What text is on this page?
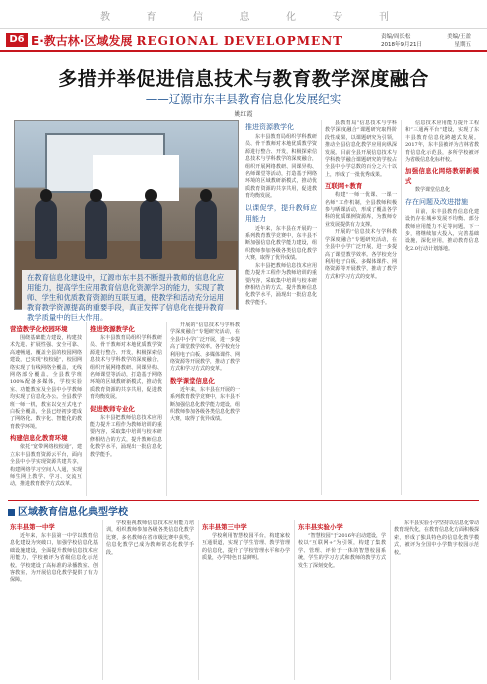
教	育	信	息	化	专	刊
D6 E·教古林·区域发展 REGIONAL DEVELOPMENT	责编/周长松	美编/王盈
2018年9月21日	星期五
多措并举促进信息技术与教育教学深度融合
——辽源市东丰县教育信息化发展纪实
姚红霞

在教育信息化建设中，辽源市东丰县不断提升教师的信息化应用能力，提高学生应用教育信息化资源学习的能力，实现了教师、学生和优质教育资源的互联互通，使教学和活动充分运用教育教学资源提高的重要手段，真正发挥了信息化在提升教育教学质量中的巨大作用。

推进资源教学化

东丰县教育局组织学科教研员、骨干教师对本地优质教学资源进行整合、开发，积极探索信息技术与学科教学的深度融合，组织开展网络教研、同课异构、名师课堂等活动，打造基于网络环境的区域教研新模式，推动优质教育资源的共享共用，促进教育均衡发展。

以课促学，提升教师应用能力

近年来，东丰县在开展的一系列教育教学竞赛中，东丰县不断加强信息化教学能力建设，组织教师参加各级各类信息化教学大赛，取得了优异成绩。

东丰县把教师信息技术应用能力提升工程作为教师培训的重要内容，采取集中培训与校本研修相结合的方式，提升教师信息化教学水平，涌现出一批信息化教学能手。

县教育局“信息技术与学科教学深度融合”课题研究取得阶段性成果，以课题研究为引领，推动全县信息化教学应用向纵深发展。目前全县开展信息技术与学科教学融合课题研究的学校占全县中小学总数的百分之六十以上，形成了一批优秀成果。

互联网+教育

构建“一师一优课、一课一名师”工作机制，全县教师积极参与晒课活动，形成了覆盖各学科的优质课例资源库，为教师专业发展提供有力支撑。

开展的“信息技术与学科教学深度融合”专题研究活动，在全县中小学广泛开展，进一步提高了课堂教学效率。各学校充分利用电子白板、多媒体课件、网络资源等开展教学，推动了教学方式和学习方式的变革。

信息技术应用能力提升工程和“三通两平台”建设，实现了东丰县教育信息化跨越式发展。2017年，东丰县被评为吉林省教育信息化示范县，多所学校被评为省级信息化标杆校。

加强信息化网络教研新模式

数学课堂信息化

存在问题及改进措施

目前，东丰县教育信息化建设仍存在城乡发展不均衡、部分教师应用能力不足等问题。下一步，将继续加大投入，完善基础设施，深化应用，推动教育信息化2.0行动计划落地。

营造教学化校园环境

围绕基础能力建设，构建技术先进、扩展性强、安全可靠、高速畅通、覆盖全县的校园网络建设，已实现“校校通”，校园网络实现了有线网络全覆盖，无线网络部分覆盖。全县教学班100%配备多媒体，学校实验室、功能教室及全县中小学教师均实现了信息化办公。全县教学班一师一机，教室以交互式电子白板全覆盖，全县已经初步建成了网络化、数字化、智能化的教育教学环境。

构建信息化教育环境

依托“宽带网络校校通”，建立东丰县教育资源云平台，面向全县中小学实现资源共建共享，构建网络学习空间人人通，实现师生网上教学、学习、交流互动，推进教育教学方式改革。

推进资源教学化

东丰县教育局组织学科教研员、骨干教师对本地优质教学资源进行整合、开发，积极探索信息技术与学科教学的深度融合，组织开展网络教研、同课异构、名师课堂等活动，打造基于网络环境的区域教研新模式，推动优质教育资源的共享共用，促进教育均衡发展。

促进教师专业化

东丰县把教师信息技术应用能力提升工程作为教师培训的重要内容，采取集中培训与校本研修相结合的方式，提升教师信息化教学水平，涌现出一批信息化教学能手。

开展的“信息技术与学科教学深度融合”专题研究活动，在全县中小学广泛开展，进一步提高了课堂教学效率。各学校充分利用电子白板、多媒体课件、网络资源等开展教学，推动了教学方式和学习方式的变革。

数学课堂信息化

近年来，东丰县在开展的一系列教育教学竞赛中，东丰县不断加强信息化教学能力建设，组织教师参加各级各类信息化教学大赛，取得了优异成绩。

区域教育信息化典型学校
东丰县第一中学

近年来，东丰县第一中学以教育信息化建设为突破口，加强学校信息化基础设施建设，全面提升教师信息技术应用能力，学校被评为省级信息化示范校。学校建设了高标准的录播教室、创客教室，为开展信息化教学提供了有力保障。

学校重视教师信息技术应用能力培训，组织教师参加各级各类信息化教学比赛，多名教师在省市级比赛中获奖，信息化教学已成为教师常态化教学手段。

东丰县第三中学

学校利用智慧校园平台，构建家校互通渠道，实现了学生管理、教学管理的信息化，提升了学校管理水平和办学质量，办学特色日益鲜明。

东丰县实验小学

“智慧校园”于2016年启动建设，学校以“互联网+”为引领，构建了集教学、管理、评价于一体的智慧校园系统，学生的学习方式和教师的教学方式发生了深刻变化。

东丰县实验小学坚持以信息化带动教育现代化，在教育信息化方面积极探索，形成了独具特色的信息化教学模式，被评为全国中小学数字校园示范校。
